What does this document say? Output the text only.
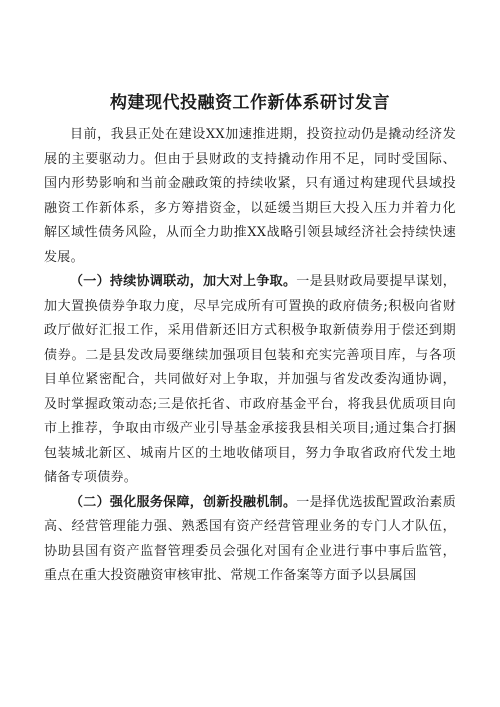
构建现代投融资工作新体系研讨发言

目前，我县正处在建设XX加速推进期，投资拉动仍是撬动经济发展的主要驱动力。但由于县财政的支持撬动作用不足，同时受国际、国内形势影响和当前金融政策的持续收紧，只有通过构建现代县域投融资工作新体系，多方筹措资金，以延缓当期巨大投入压力并着力化解区域性债务风险，从而全力助推XX战略引领县域经济社会持续快速发展。

（一）持续协调联动，加大对上争取。一是县财政局要提早谋划，加大置换债券争取力度，尽早完成所有可置换的政府债务;积极向省财政厅做好汇报工作，采用借新还旧方式积极争取新债券用于偿还到期债券。二是县发改局要继续加强项目包装和充实完善项目库，与各项目单位紧密配合，共同做好对上争取，并加强与省发改委沟通协调，及时掌握政策动态;三是依托省、市政府基金平台，将我县优质项目向市上推荐，争取由市级产业引导基金承接我县相关项目;通过集合打捆包装城北新区、城南片区的土地收储项目，努力争取省政府代发土地储备专项债券。

（二）强化服务保障，创新投融机制。一是择优选拔配置政治素质高、经营管理能力强、熟悉国有资产经营管理业务的专门人才队伍，协助县国有资产监督管理委员会强化对国有企业进行事中事后监管，重点在重大投资融资审核审批、常规工作备案等方面予以县属国
